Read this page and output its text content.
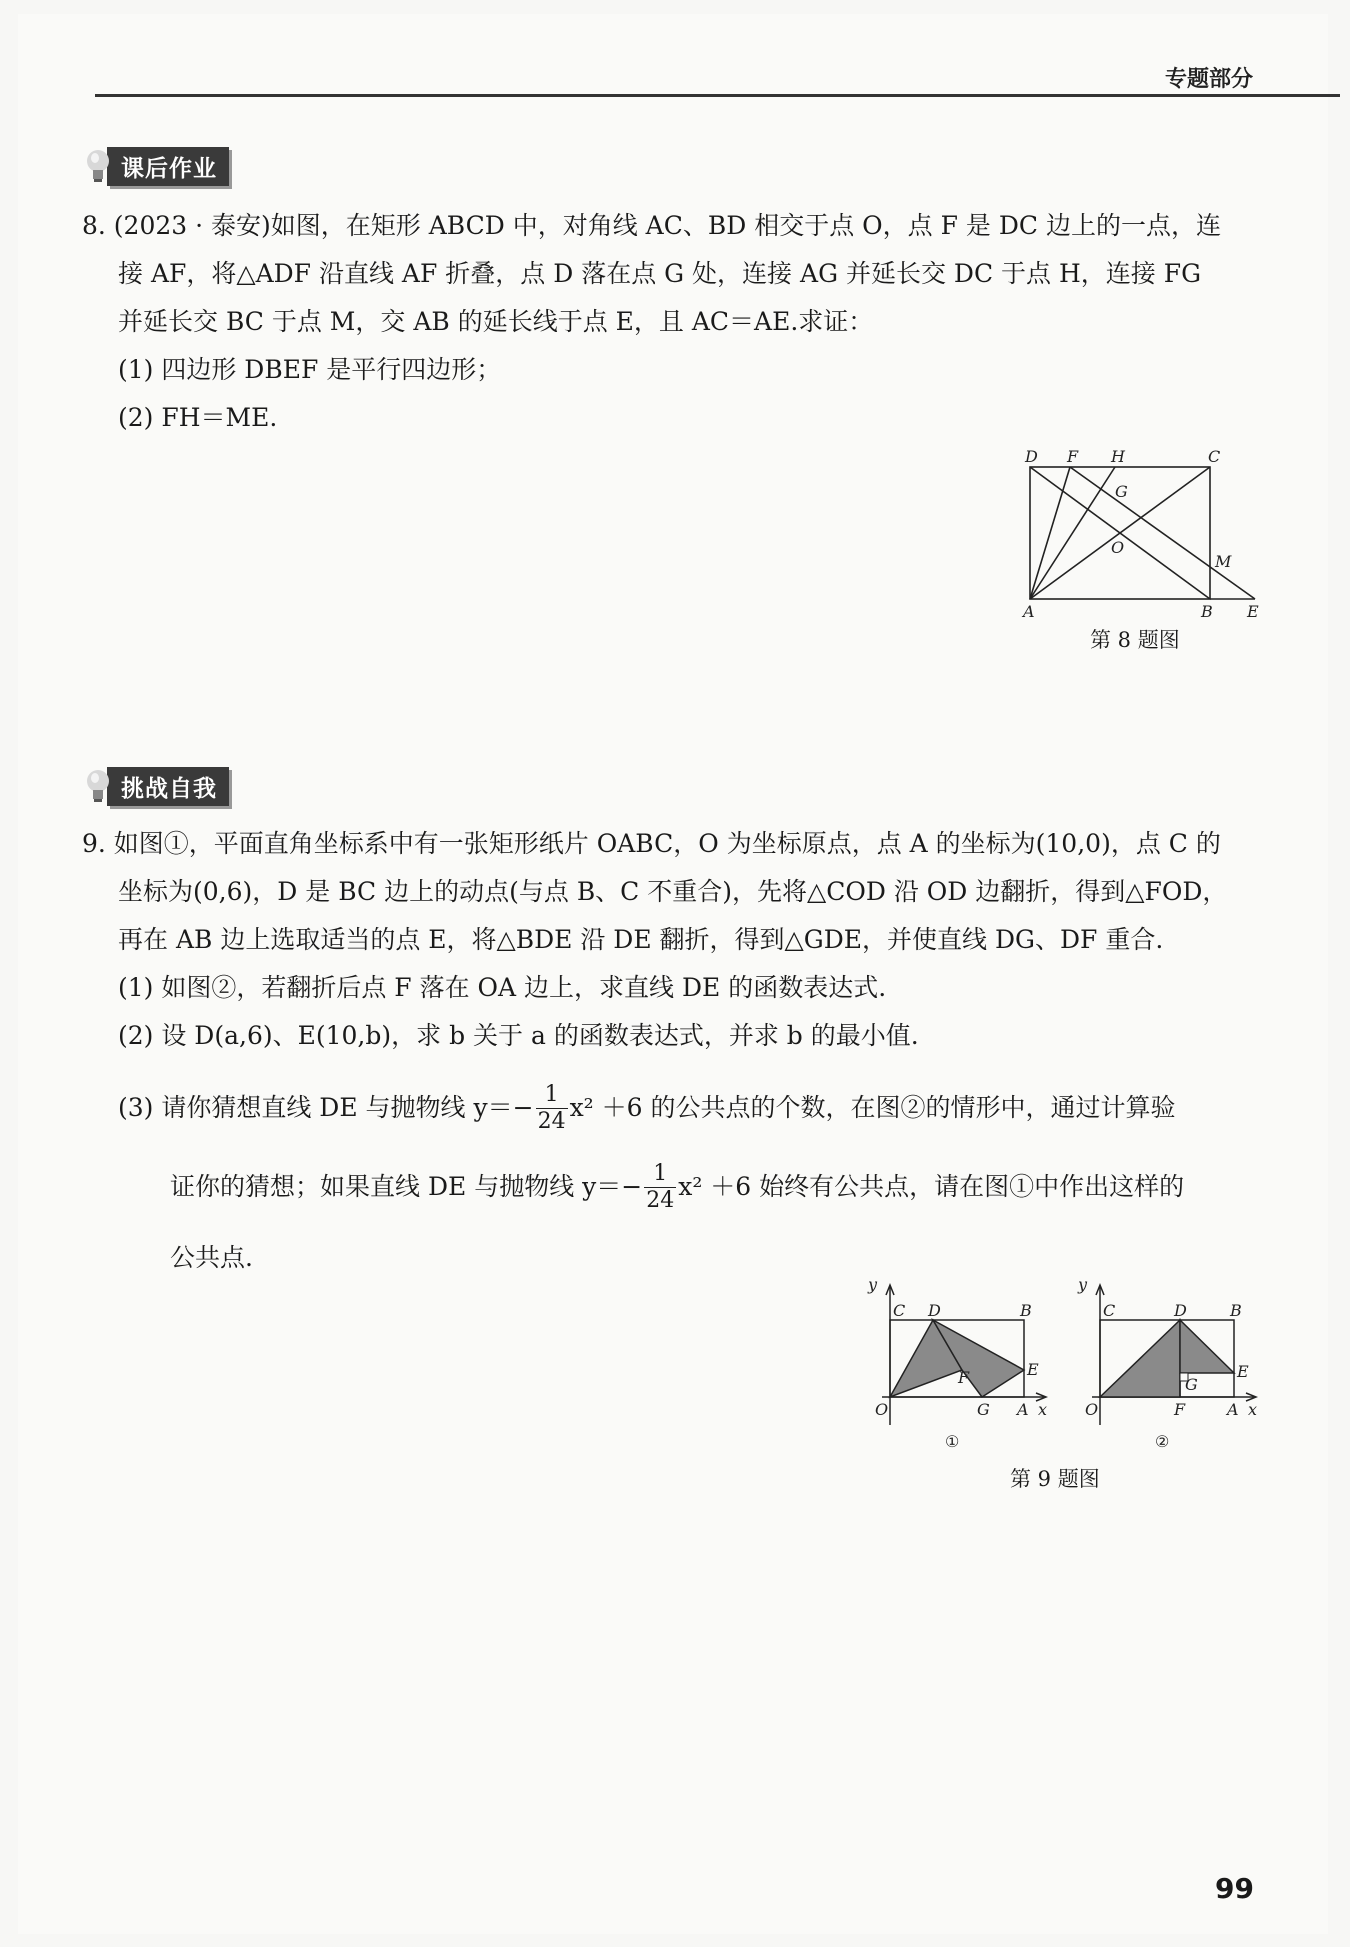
专题部分
课后作业
8. (2023 · 泰安)如图，在矩形 ABCD 中，对角线 AC、BD 相交于点 O，点 F 是 DC 边上的一点，连
接 AF，将△ADF 沿直线 AF 折叠，点 D 落在点 G 处，连接 AG 并延长交 DC 于点 H，连接 FG
并延长交 BC 于点 M，交 AB 的延长线于点 E，且 AC＝AE.求证：
(1) 四边形 DBEF 是平行四边形；
(2) FH＝ME.
D F H	C
G
O
M
A	B E
第 8 题图
挑战自我
9. 如图①，平面直角坐标系中有一张矩形纸片 OABC，O 为坐标原点，点 A 的坐标为(10,0)，点 C 的
坐标为(0,6)，D 是 BC 边上的动点(与点 B、C 不重合)，先将△COD 沿 OD 边翻折，得到△FOD，
再在 AB 边上选取适当的点 E，将△BDE 沿 DE 翻折，得到△GDE，并使直线 DG、DF 重合.
(1) 如图②，若翻折后点 F 落在 OA 边上，求直线 DE 的函数表达式.
(2) 设 D(a,6)、E(10,b)，求 b 关于 a 的函数表达式，并求 b 的最小值.
(3) 请你猜想直线 DE 与抛物线 $y=- \frac{1}{24} x^2 +6$ 的公共点的个数，在图②的情形中，通过计算验
证你的猜想；如果直线 DE 与抛物线 $y=- \frac{1}{24} x^2 +6$ 始终有公共点，请在图①中作出这样的
公共点.
y
C D	B
E
F
O	G A x
①
y
C	D	B
E
G
O	F	A x
②
第 9 题图
99
